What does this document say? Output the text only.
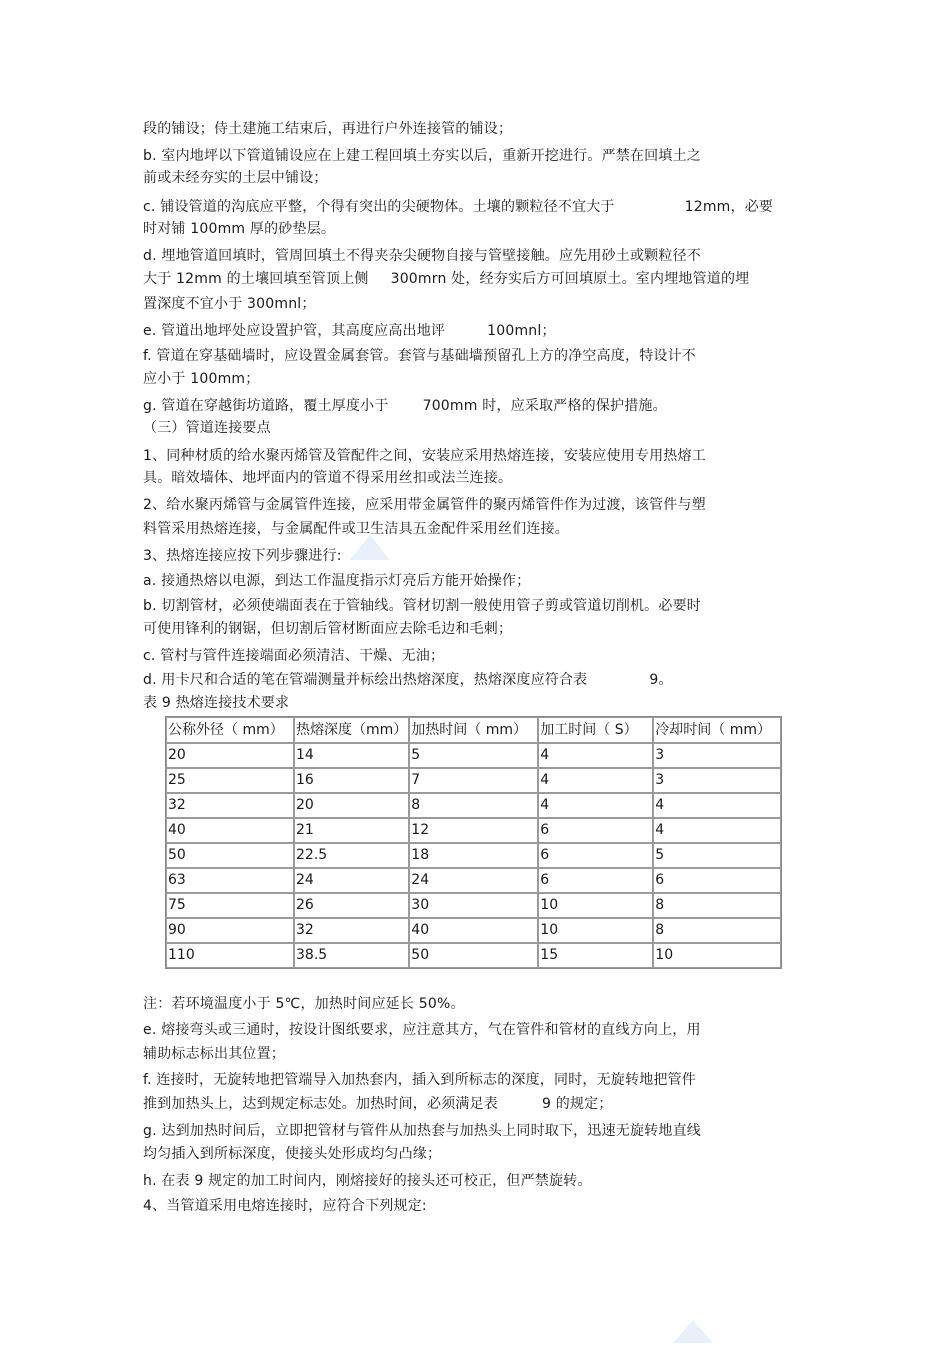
段的铺设；侍土建施工结束后，再进行户外连接管的铺设；
b. 室内地坪以下管道铺设应在上建工程回填土夯实以后，重新开挖进行。严禁在回填土之
前或未经夯实的土层中铺设；
c. 铺设管道的沟底应平整，个得有突出的尖硬物体。土壤的颗粒径不宜大于	12mm，必要
时对铺 100mm 厚的砂垫层。
d. 埋地管道回填时，管周回填土不得夹杂尖硬物自接与管壁接触。应先用砂土或颗粒径不
大于 12mm 的土壤回填至管顶上侧 300mrn 处，经夯实后方可回填原土。室内埋地管道的埋
置深度不宜小于 300mnl；
e. 管道出地坪处应设置护管，其高度应高出地评	100mnl；
f. 管道在穿基础墙时，应设置金属套管。套管与基础墙预留孔上方的净空高度，特设计不
应小于 100mm；
g. 管道在穿越街坊道路，覆土厚度小于 700mm 时，应采取严格的保护措施。
（三）管道连接要点
1、同种材质的给水聚丙烯管及管配件之间，安装应采用热熔连接，安装应使用专用热熔工
具。暗效墙体、地坪面内的管道不得采用丝扣或法兰连接。
2、给水聚丙烯管与金属管件连接，应采用带金属管件的聚丙烯管件作为过渡，该管件与塑
料管采用热熔连接，与金属配件或卫生洁具五金配件采用丝们连接。
3、热熔连接应按下列步骤进行:
a. 接通热熔以电源，到达工作温度指示灯亮后方能开始操作；
b. 切割管材，必须使端面表在于管轴线。管材切割一般使用管子剪或管道切削机。必要时
可使用锋利的钢锯，但切割后管材断面应去除毛边和毛刺；
c. 管村与管件连接端面必须清洁、干燥、无油；
d. 用卡尺和合适的笔在管端测量并标绘出热熔深度，热熔深度应符合表	9。
表 9 热熔连接技术要求
公称外径（ mm）	热熔深度（mm）	加热时间（ mm）	加工时间（ S）	冷却时间（ mm）
20	14	5	4	3
25	16	7	4	3
32	20	8	4	4
40	21	12	6	4
50	22.5	18	6	5
63	24	24	6	6
75	26	30	10	8
90	32	40	10	8
110	38.5	50	15	10
注：若环境温度小于 5℃，加热时间应延长 50%。
e. 熔接弯头或三通时，按设计图纸要求，应注意其方，气在管件和管材的直线方向上，用
辅助标志标出其位置；
f. 连接时，无旋转地把管端导入加热套内，插入到所标志的深度，同时，无旋转地把管件
推到加热头上，达到规定标志处。加热时间，必须满足表	9 的规定；
g. 达到加热时间后，立即把管材与管件从加热套与加热头上同时取下，迅速无旋转地直线
均匀插入到所标深度，使接头处形成均匀凸缘；
h. 在表 9 规定的加工时间内，刚熔接好的接头还可校正，但严禁旋转。
4、当管道采用电熔连接时，应符合下列规定:
